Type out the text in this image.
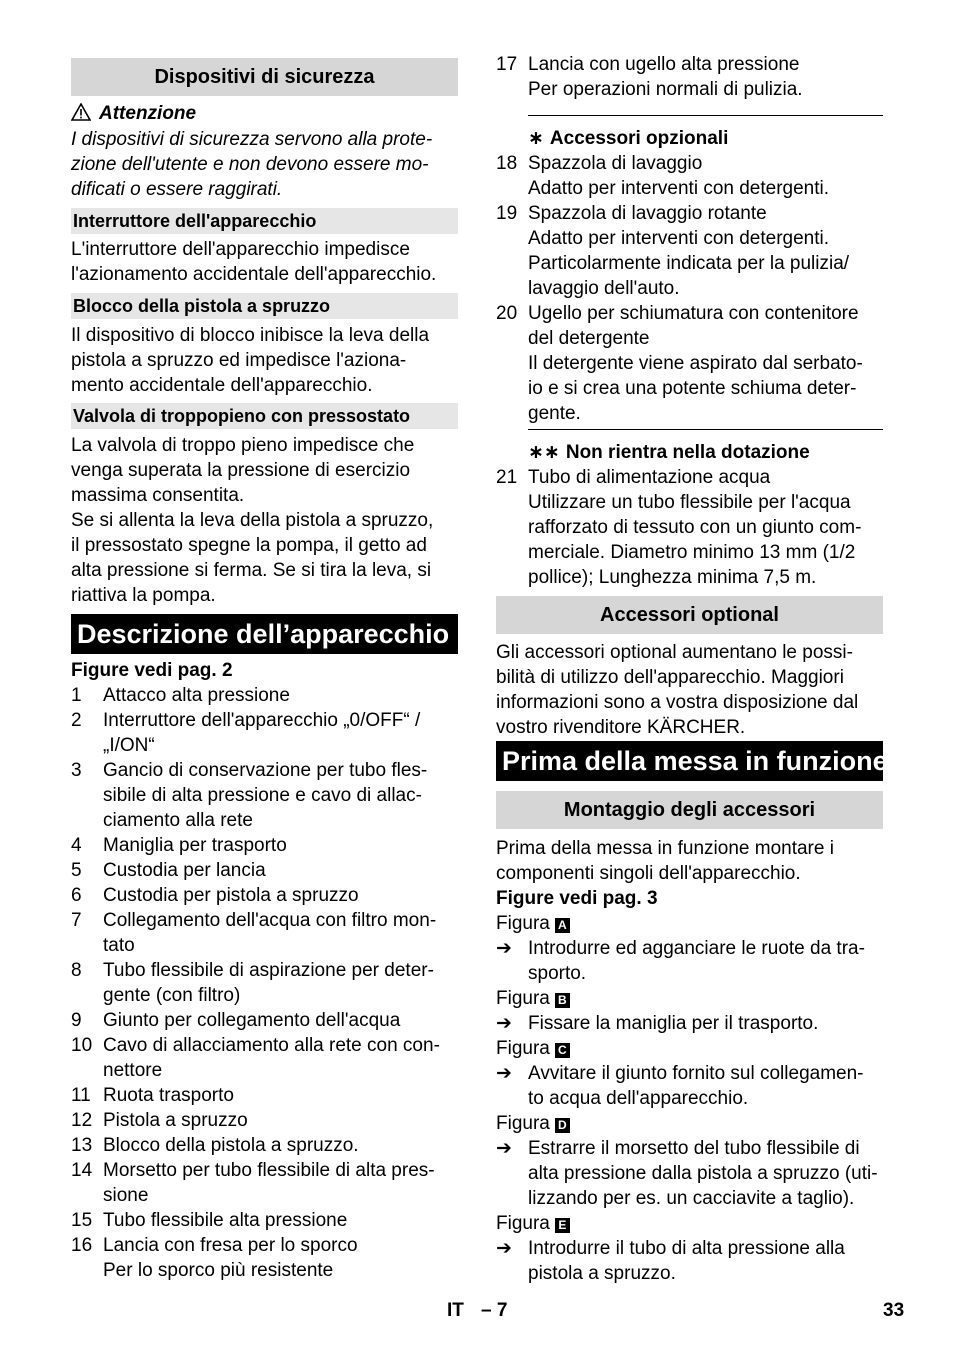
Dispositivi di sicurezza
Attenzione

I dispositivi di sicurezza servono alla prote-
zione dell'utente e non devono essere mo-
dificati o essere raggirati.

Interruttore dell'apparecchio

L'interruttore dell'apparecchio impedisce
l'azionamento accidentale dell'apparecchio.

Blocco della pistola a spruzzo

Il dispositivo di blocco inibisce la leva della
pistola a spruzzo ed impedisce l'aziona-
mento accidentale dell'apparecchio.

Valvola di troppopieno con pressostato

La valvola di troppo pieno impedisce che
venga superata la pressione di esercizio
massima consentita.

Se si allenta la leva della pistola a spruzzo,
il pressostato spegne la pompa, il getto ad
alta pressione si ferma. Se si tira la leva, si
riattiva la pompa.

Descrizione dell’apparecchio
Figure vedi pag. 2

1	Attacco alta pressione

2	Interruttore dell'apparecchio „0/OFF“ /
„I/ON“

3	Gancio di conservazione per tubo fles-
sibile di alta pressione e cavo di allac-
ciamento alla rete

4	Maniglia per trasporto

5	Custodia per lancia

6	Custodia per pistola a spruzzo

7	Collegamento dell'acqua con filtro mon-
tato

8	Tubo flessibile di aspirazione per deter-
gente (con filtro)

9	Giunto per collegamento dell'acqua

10 Cavo di allacciamento alla rete con con-
nettore

11 Ruota trasporto

12 Pistola a spruzzo

13 Blocco della pistola a spruzzo.

14 Morsetto per tubo flessibile di alta pres-
sione

15 Tubo flessibile alta pressione

16 Lancia con fresa per lo sporco
Per lo sporco più resistente

17 Lancia con ugello alta pressione
Per operazioni normali di pulizia.

∗ Accessori opzionali

18 Spazzola di lavaggio
Adatto per interventi con detergenti.

19 Spazzola di lavaggio rotante
Adatto per interventi con detergenti.
Particolarmente indicata per la pulizia/
lavaggio dell'auto.

20 Ugello per schiumatura con contenitore
del detergente
Il detergente viene aspirato dal serbato-
io e si crea una potente schiuma deter-
gente.

∗∗ Non rientra nella dotazione

21 Tubo di alimentazione acqua
Utilizzare un tubo flessibile per l'acqua
rafforzato di tessuto con un giunto com-
merciale. Diametro minimo 13 mm (1/2
pollice); Lunghezza minima 7,5 m.

Accessori optional

Gli accessori optional aumentano le possi-
bilità di utilizzo dell'apparecchio. Maggiori
informazioni sono a vostra disposizione dal
vostro rivenditore KÄRCHER.

Prima della messa in funzione
Montaggio degli accessori

Prima della messa in funzione montare i
componenti singoli dell'apparecchio.

Figure vedi pag. 3
Figura A

➔ Introdurre ed agganciare le ruote da tra-
sporto.

Figura B

➔ Fissare la maniglia per il trasporto.

Figura C

➔ Avvitare il giunto fornito sul collegamen-
to acqua dell'apparecchio.

Figura D

➔ Estrarre il morsetto del tubo flessibile di
alta pressione dalla pistola a spruzzo (uti-
lizzando per es. un cacciavite a taglio).

Figura E

➔ Introdurre il tubo di alta pressione alla
pistola a spruzzo.

IT – 7	33
